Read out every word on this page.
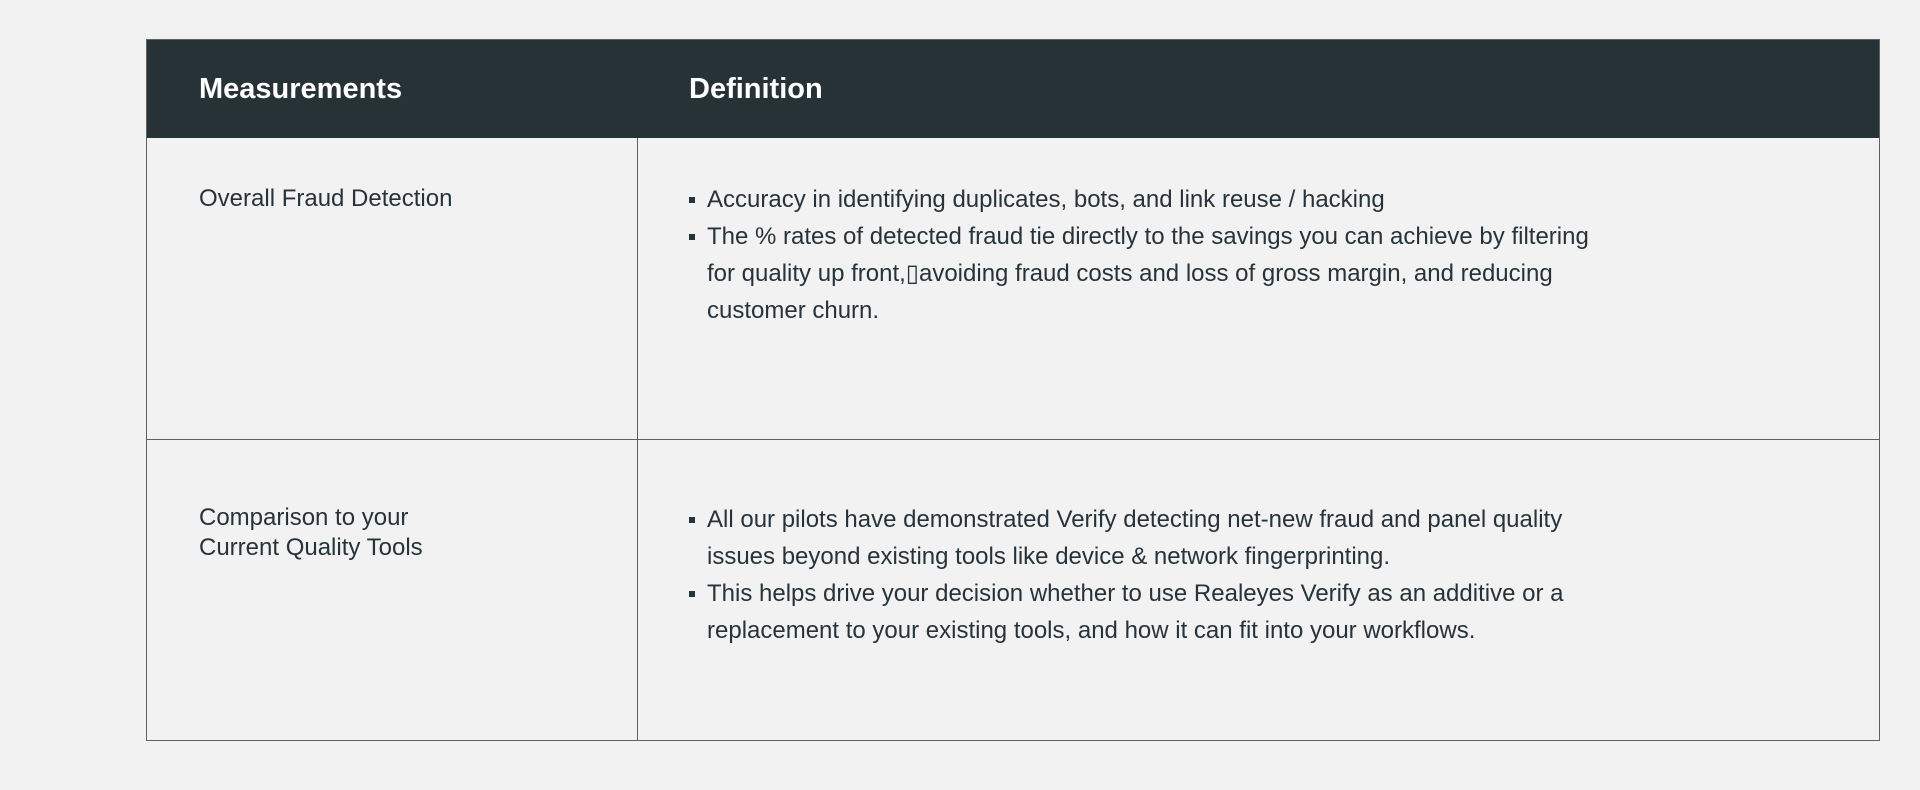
Measurements	Definition
Overall Fraud Detection	Accuracy in identifying duplicates, bots, and link reuse / hacking
The % rates of detected fraud tie directly to the savings you can achieve by filtering for quality up front,▯avoiding fraud costs and loss of gross margin, and reducing customer churn.
Comparison to your
Current Quality Tools
All our pilots have demonstrated Verify detecting net-new fraud and panel quality issues beyond existing tools like device & network fingerprinting.
This helps drive your decision whether to use Realeyes Verify as an additive or a replacement to your existing tools, and how it can fit into your workflows.
